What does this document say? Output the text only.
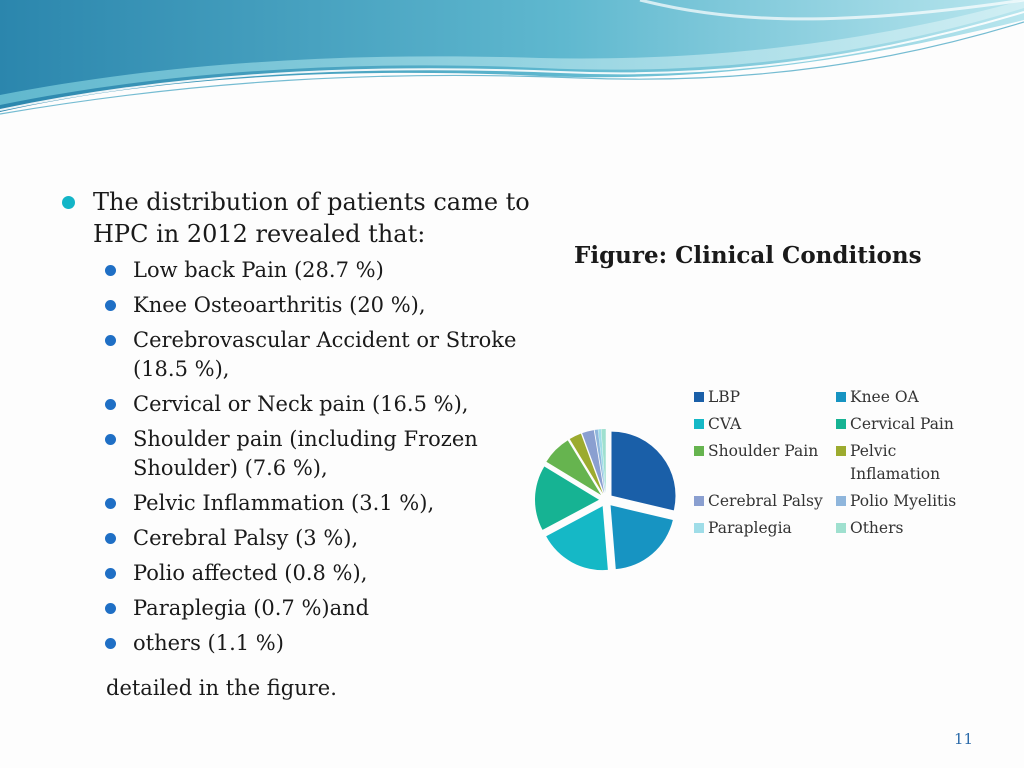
The distribution of patients came to HPC in 2012 revealed that:
Low back Pain (28.7 %)
Knee Osteoarthritis (20 %),
Cerebrovascular Accident or Stroke (18.5 %),
Cervical or Neck pain (16.5 %),
Shoulder pain (including Frozen Shoulder) (7.6 %),
Pelvic Inflammation (3.1 %),
Cerebral Palsy (3 %),
Polio affected (0.8 %),
Paraplegia (0.7 %)and
others (1.1 %)
detailed in the figure.
Figure: Clinical Conditions
LBP	Knee OA
CVA	Cervical Pain
Shoulder Pain	Pelvic Inflamation
Cerebral Palsy	Polio Myelitis
Paraplegia	Others
11
